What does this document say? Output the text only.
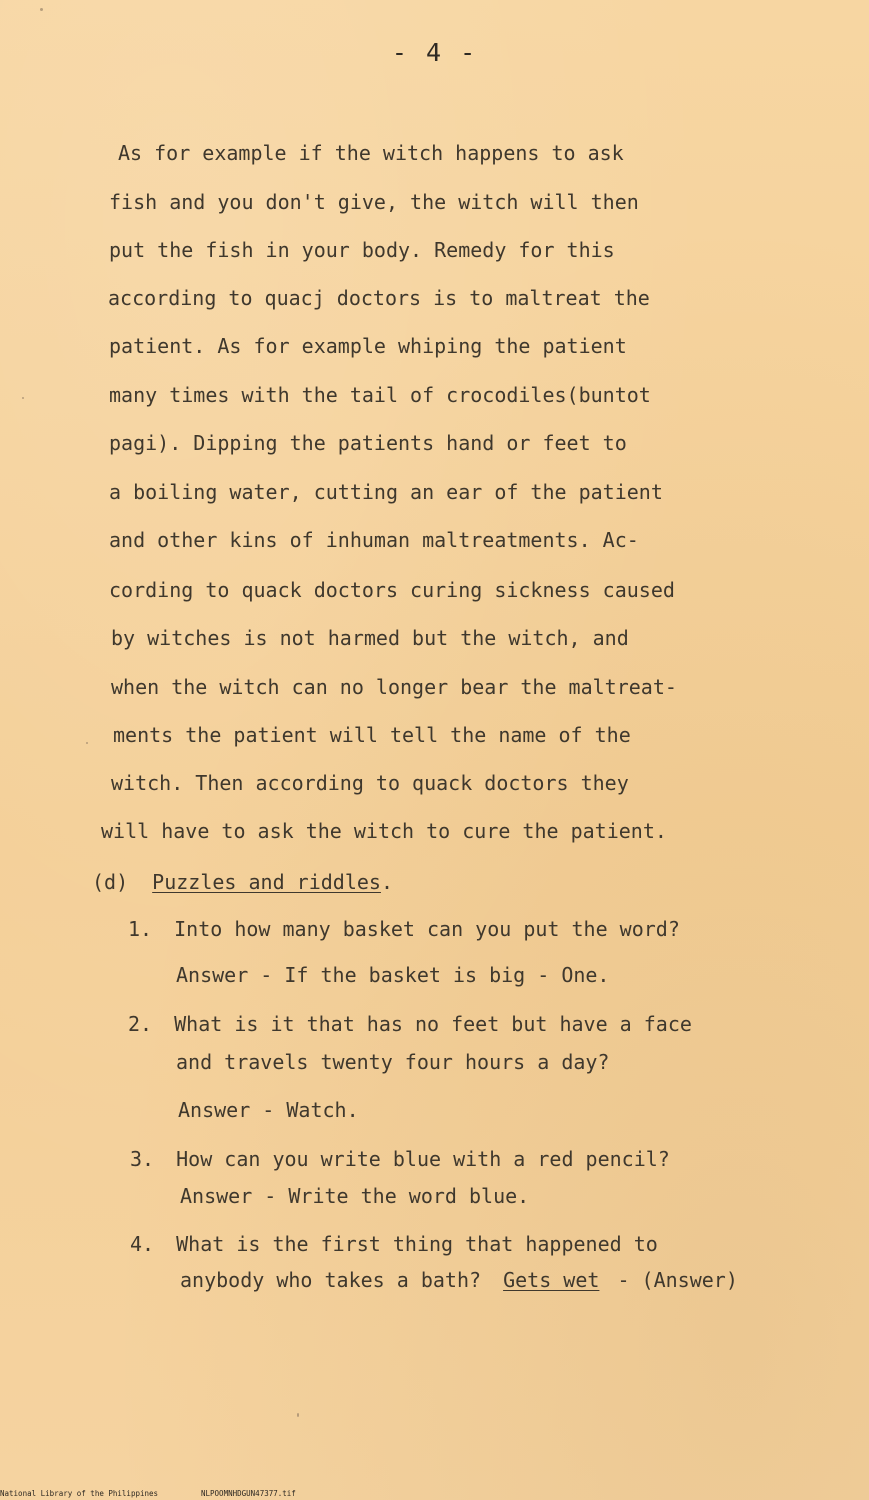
- 4 -
As for example if the witch happens to ask
fish and you don't give, the witch will then
put the fish in your body. Remedy for this
according to quacj doctors is to maltreat the
patient. As for example whiping the patient
many times with the tail of crocodiles(buntot
pagi). Dipping the patients hand or feet to
a boiling water, cutting an ear of the patient
and other kins of inhuman maltreatments. Ac-
cording to quack doctors curing sickness caused
by witches is not harmed but the witch, and
when the witch can no longer bear the maltreat-
ments the patient will tell the name of the
witch. Then according to quack doctors they
will have to ask the witch to cure the patient.
(d) Puzzles and riddles.
1. Into how many basket can you put the word?
Answer - If the basket is big - One.
2. What is it that has no feet but have a face
and travels twenty four hours a day?
Answer - Watch.
3. How can you write blue with a red pencil?
Answer - Write the word blue.
4. What is the first thing that happened to
anybody who takes a bath? Gets wet - (Answer)
National Library of the Philippines	NLPOOMNHDGUN47377.tif
